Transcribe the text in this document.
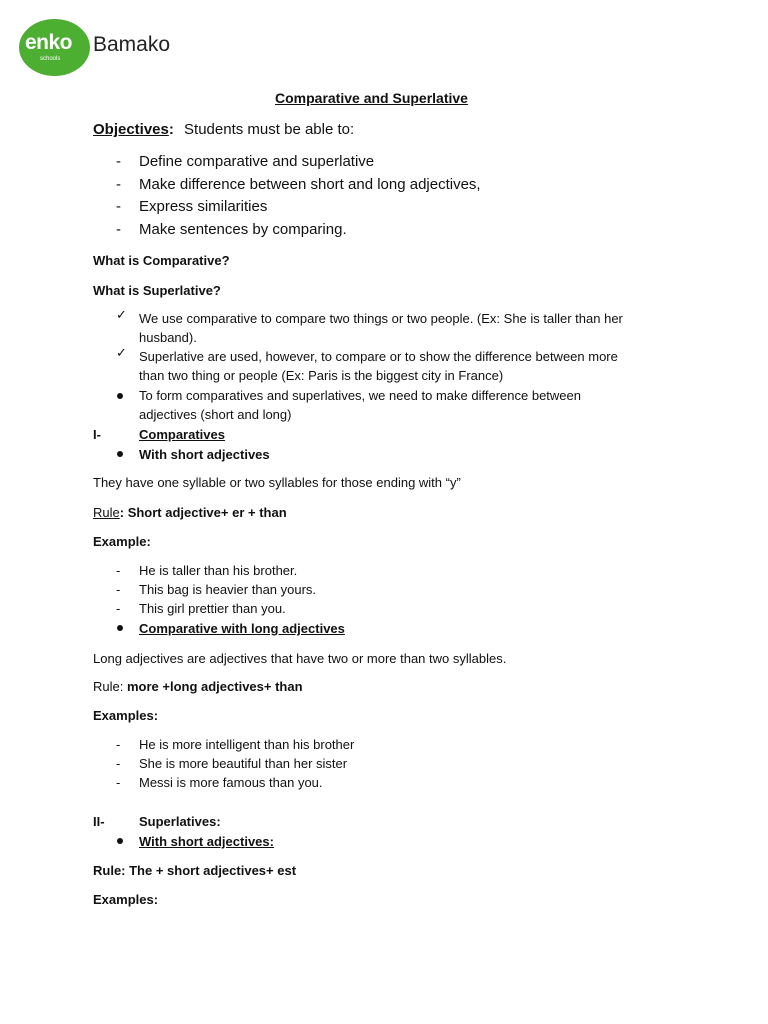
enko
schools
Bamako
Comparative and Superlative
Objectives: Students must be able to:
- Define comparative and superlative
- Make difference between short and long adjectives,
- Express similarities
- Make sentences by comparing.
What is Comparative?
What is Superlative?
✓ We use comparative to compare two things or two people. (Ex: She is taller than her
husband).
✓ Superlative are used, however, to compare or to show the difference between more
than two thing or people (Ex: Paris is the biggest city in France)
To form comparatives and superlatives, we need to make difference between
adjectives (short and long)
I-	Comparatives
With short adjectives
They have one syllable or two syllables for those ending with “y”
Rule: Short adjective+ er + than
Example:
- He is taller than his brother.
- This bag is heavier than yours.
- This girl prettier than you.
Comparative with long adjectives
Long adjectives are adjectives that have two or more than two syllables.
Rule: more +long adjectives+ than
Examples:
- He is more intelligent than his brother
- She is more beautiful than her sister
- Messi is more famous than you.
II-	Superlatives:
With short adjectives:
Rule: The + short adjectives+ est
Examples:
